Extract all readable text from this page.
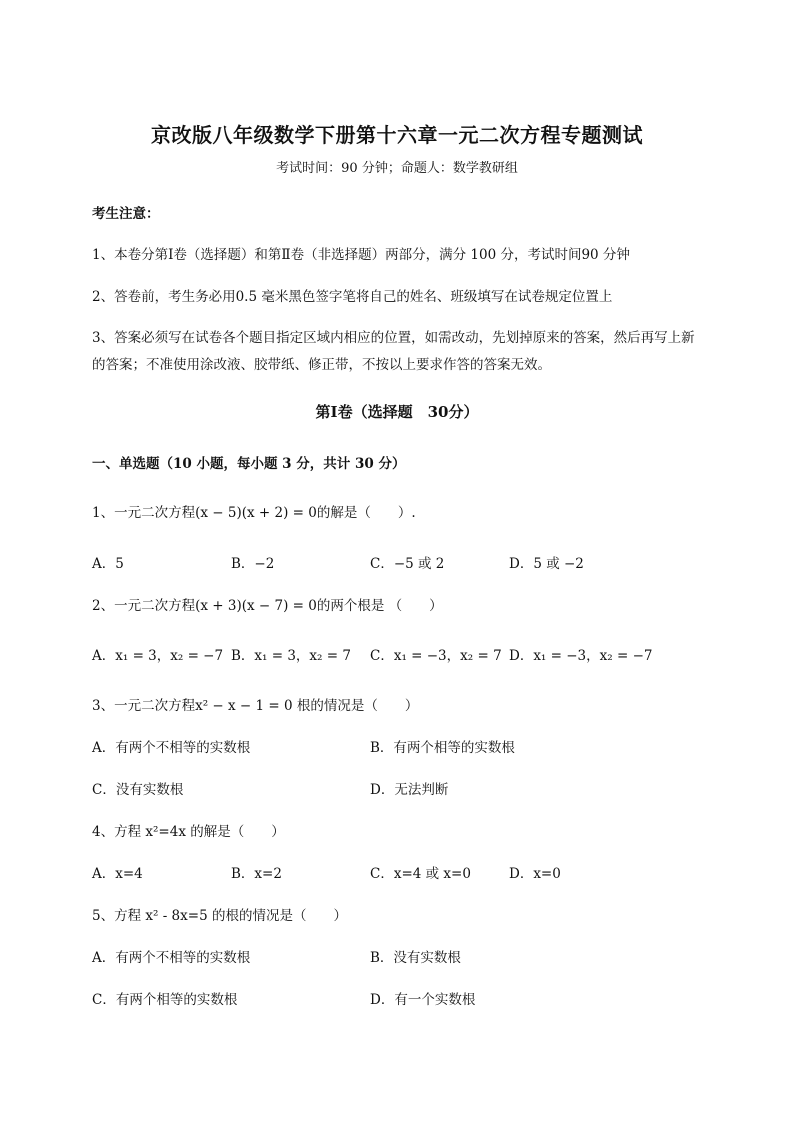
京改版八年级数学下册第十六章一元二次方程专题测试
考试时间：90 分钟；命题人：数学教研组
考生注意：
1、本卷分第Ⅰ卷（选择题）和第Ⅱ卷（非选择题）两部分，满分 100 分，考试时间90 分钟
2、答卷前，考生务必用0.5 毫米黑色签字笔将自己的姓名、班级填写在试卷规定位置上
3、答案必须写在试卷各个题目指定区域内相应的位置，如需改动，先划掉原来的答案，然后再写上新
的答案；不准使用涂改液、胶带纸、修正带，不按以上要求作答的答案无效。
第Ⅰ卷（选择题　30分）
一、单选题（10 小题，每小题 3 分，共计 30 分）
1、一元二次方程(x − 5)(x + 2) = 0的解是（　　）.
A．5	B．−2	C．−5 或 2	D．5 或 −2
2、一元二次方程(x + 3)(x − 7) = 0的两个根是 （　　）
A．x₁ = 3，x₂ = −7 B．x₁ = 3，x₂ = 7 C．x₁ = −3，x₂ = 7 D．x₁ = −3，x₂ = −7
3、一元二次方程x² − x − 1 = 0 根的情况是（　　）
A．有两个不相等的实数根	B．有两个相等的实数根
C．没有实数根	D．无法判断
4、方程 x²=4x 的解是（　　）
A．x=4	B．x=2	C．x=4 或 x=0	D．x=0
5、方程 x² - 8x=5 的根的情况是（　　）
A．有两个不相等的实数根	B．没有实数根
C．有两个相等的实数根	D．有一个实数根
